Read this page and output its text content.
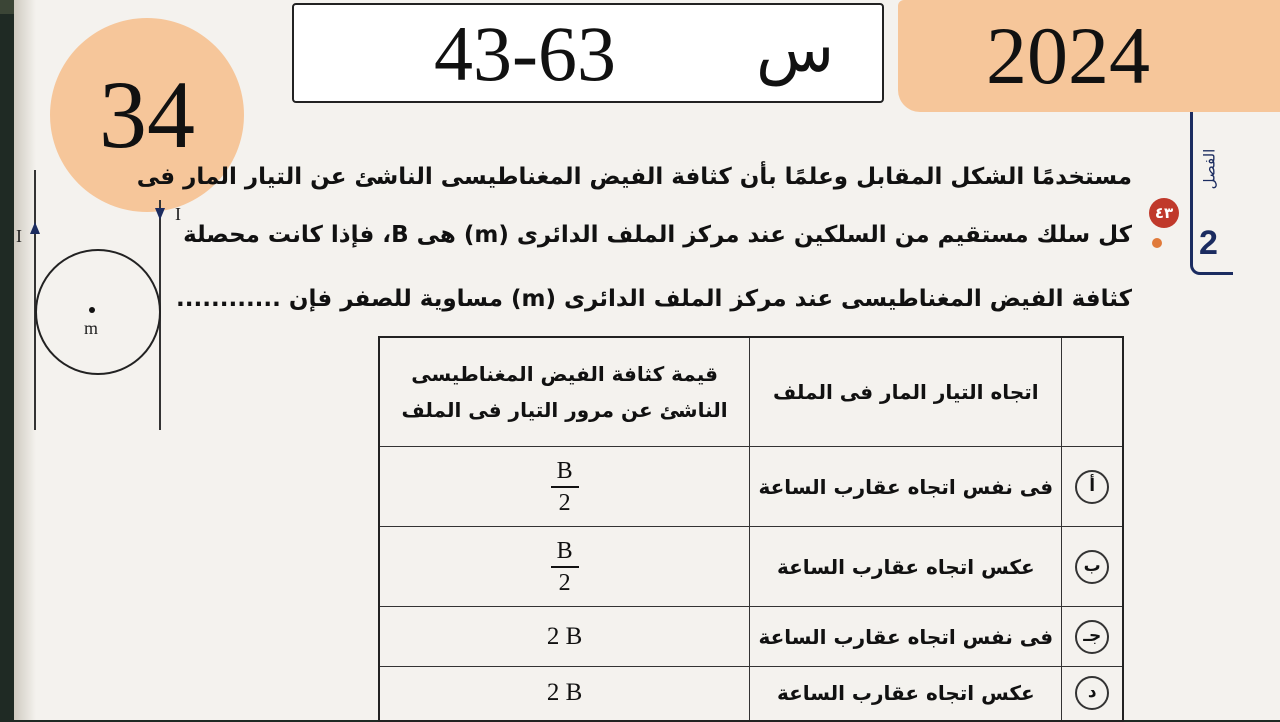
43-63 س 2024
34
الفصل
2
I
I
m
٤٣
مستخدمًا الشكل المقابل وعلمًا بأن كثافة الفيض المغناطيسى الناشئ عن التيار المار فى
كل سلك مستقيم من السلكين عند مركز الملف الدائرى (m) هى B، فإذا كانت محصلة
كثافة الفيض المغناطيسى عند مركز الملف الدائرى (m) مساوية للصفر فإن ............
قيمة كثافة الفيض المغناطيسى الناشئ عن مرور التيار فى الملف	اتجاه التيار المار فى الملف	

$\frac{B}{2}$	فى نفس اتجاه عقارب الساعة	أ

$\frac{B}{2}$	عكس اتجاه عقارب الساعة	ب
2 B	فى نفس اتجاه عقارب الساعة	جـ
2 B	عكس اتجاه عقارب الساعة	د
